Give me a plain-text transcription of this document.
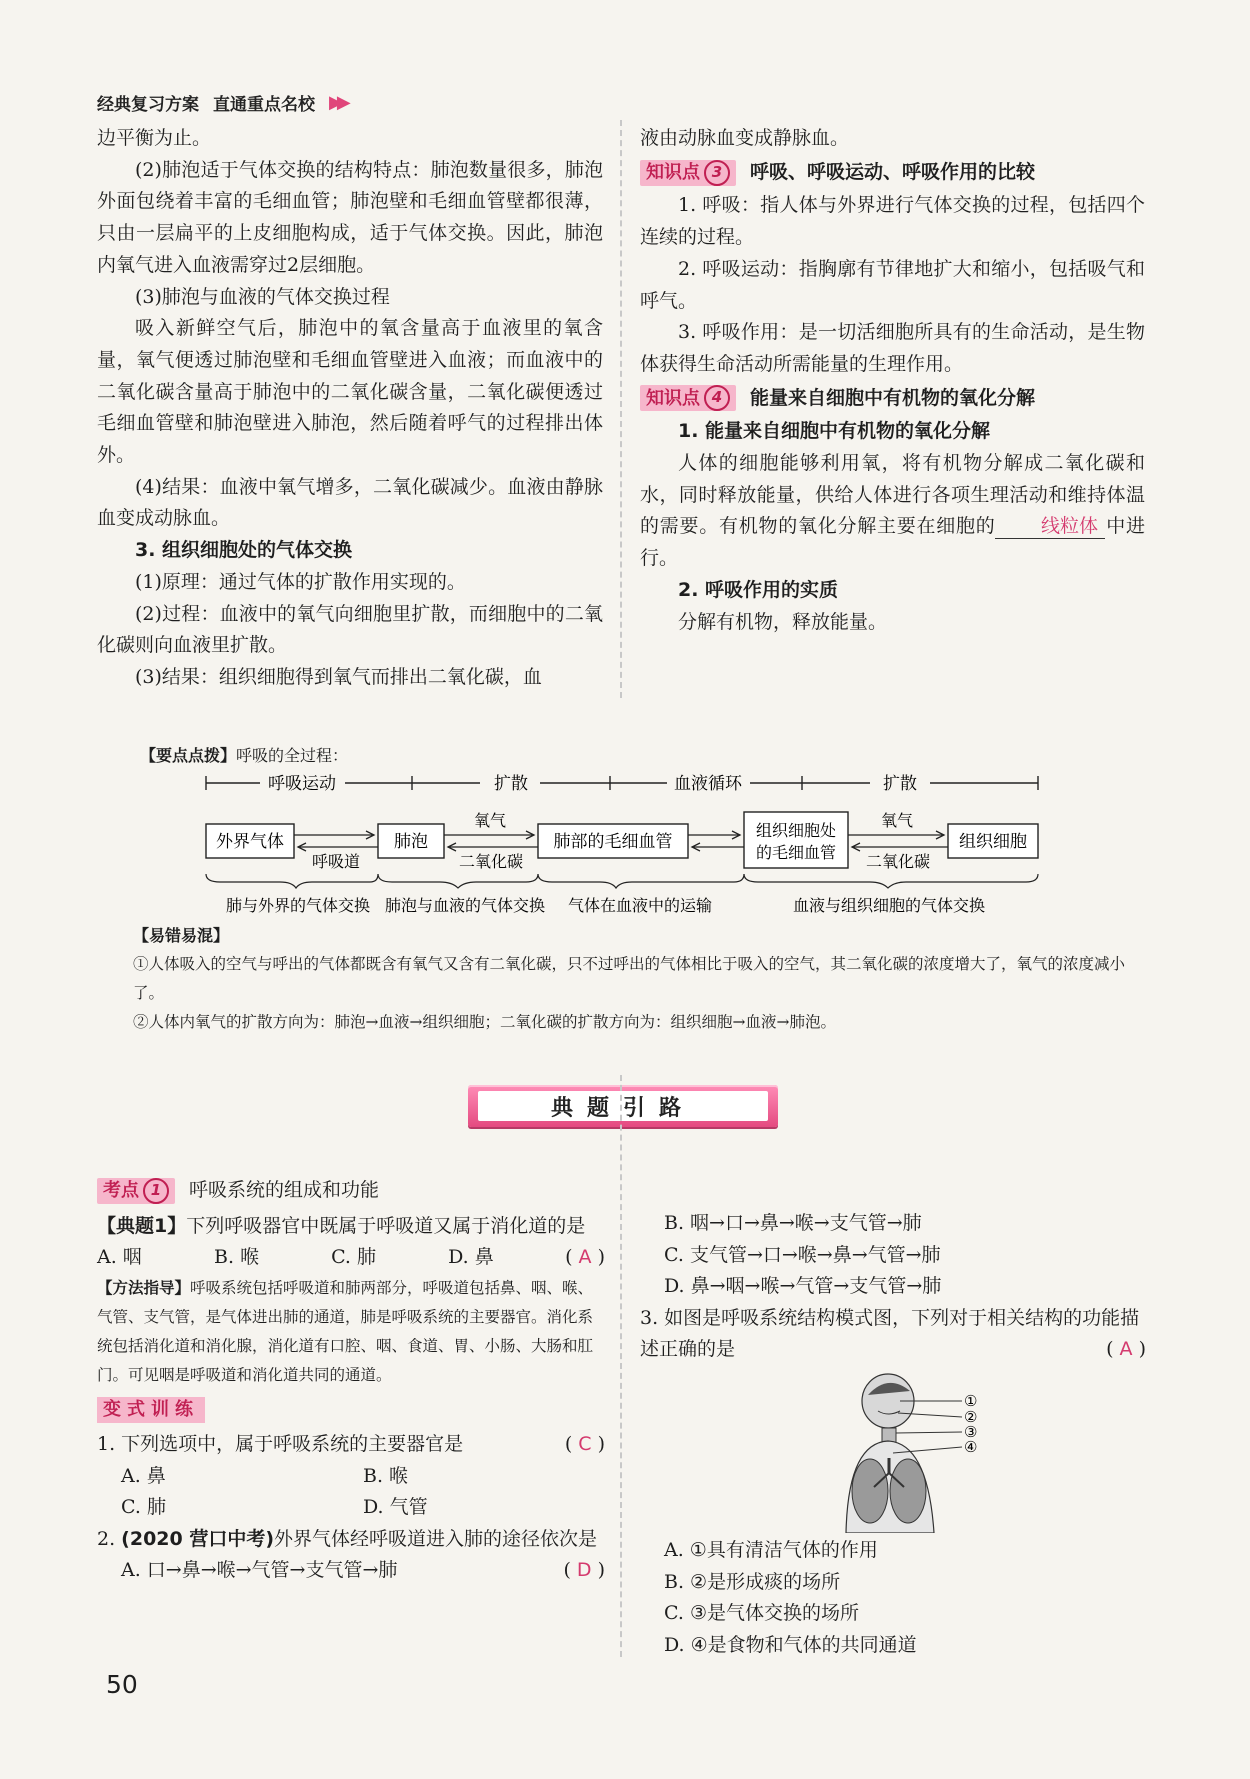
经典复习方案 直通重点名校 ▶▶

边平衡为止。

(2)肺泡适于气体交换的结构特点：肺泡数量很多，肺泡外面包绕着丰富的毛细血管；肺泡壁和毛细血管壁都很薄，只由一层扁平的上皮细胞构成，适于气体交换。因此，肺泡内氧气进入血液需穿过2层细胞。

(3)肺泡与血液的气体交换过程

吸入新鲜空气后，肺泡中的氧含量高于血液里的氧含量，氧气便透过肺泡壁和毛细血管壁进入血液；而血液中的二氧化碳含量高于肺泡中的二氧化碳含量，二氧化碳便透过毛细血管壁和肺泡壁进入肺泡，然后随着呼气的过程排出体外。

(4)结果：血液中氧气增多，二氧化碳减少。血液由静脉血变成动脉血。

3. 组织细胞处的气体交换

(1)原理：通过气体的扩散作用实现的。

(2)过程：血液中的氧气向细胞里扩散，而细胞中的二氧化碳则向血液里扩散。

(3)结果：组织细胞得到氧气而排出二氧化碳，血

液由动脉血变成静脉血。

知识点 3	呼吸、呼吸运动、呼吸作用的比较

1. 呼吸：指人体与外界进行气体交换的过程，包括四个连续的过程。

2. 呼吸运动：指胸廓有节律地扩大和缩小，包括吸气和呼气。

3. 呼吸作用：是一切活细胞所具有的生命活动，是生物体获得生命活动所需能量的生理作用。

知识点 4	能量来自细胞中有机物的氧化分解

1. 能量来自细胞中有机物的氧化分解

人体的细胞能够利用氧，将有机物分解成二氧化碳和水，同时释放能量，供给人体进行各项生理活动和维持体温的需要。有机物的氧化分解主要在细胞的 线粒体 中进行。

2. 呼吸作用的实质

分解有机物，释放能量。

【要点点拨】呼吸的全过程：
呼吸运动	扩散	血液循环	扩散
外界气体	肺泡	肺部的毛细血管
组织细胞处
的毛细血管
组织细胞
呼吸道
氧气
二氧化碳
氧气
二氧化碳
肺与外界的气体交换 肺泡与血液的气体交换 气体在血液中的运输	血液与组织细胞的气体交换
【易错易混】
①人体吸入的空气与呼出的气体都既含有氧气又含有二氧化碳，只不过呼出的气体相比于吸入的空气，其二氧化碳的浓度增大了，氧气的浓度减小了。
②人体内氧气的扩散方向为：肺泡→血液→组织细胞；二氧化碳的扩散方向为：组织细胞→血液→肺泡。
典题引路
考点 1	呼吸系统的组成和功能

【典题1】下列呼吸器官中既属于呼吸道又属于消化道的是
( A )

A. 咽	B. 喉	C. 肺	D. 鼻

【方法指导】呼吸系统包括呼吸道和肺两部分，呼吸道包括鼻、咽、喉、气管、支气管，是气体进出肺的通道，肺是呼吸系统的主要器官。消化系统包括消化道和消化腺，消化道有口腔、咽、食道、胃、小肠、大肠和肛门。可见咽是呼吸道和消化道共同的通道。

变式训练

1. 下列选项中，属于呼吸系统的主要器官是	( C )

A. 鼻	B. 喉
C. 肺	D. 气管

2. (2020 营口中考)外界气体经呼吸道进入肺的途径依次是
( D )

A. 口→鼻→喉→气管→支气管→肺

B. 咽→口→鼻→喉→支气管→肺

C. 支气管→口→喉→鼻→气管→肺

D. 鼻→咽→喉→气管→支气管→肺

3. 如图是呼吸系统结构模式图，下列对于相关结构的功能描述正确的是	( A )

①
②
③
④

A. ①具有清洁气体的作用

B. ②是形成痰的场所

C. ③是气体交换的场所

D. ④是食物和气体的共同通道

50
